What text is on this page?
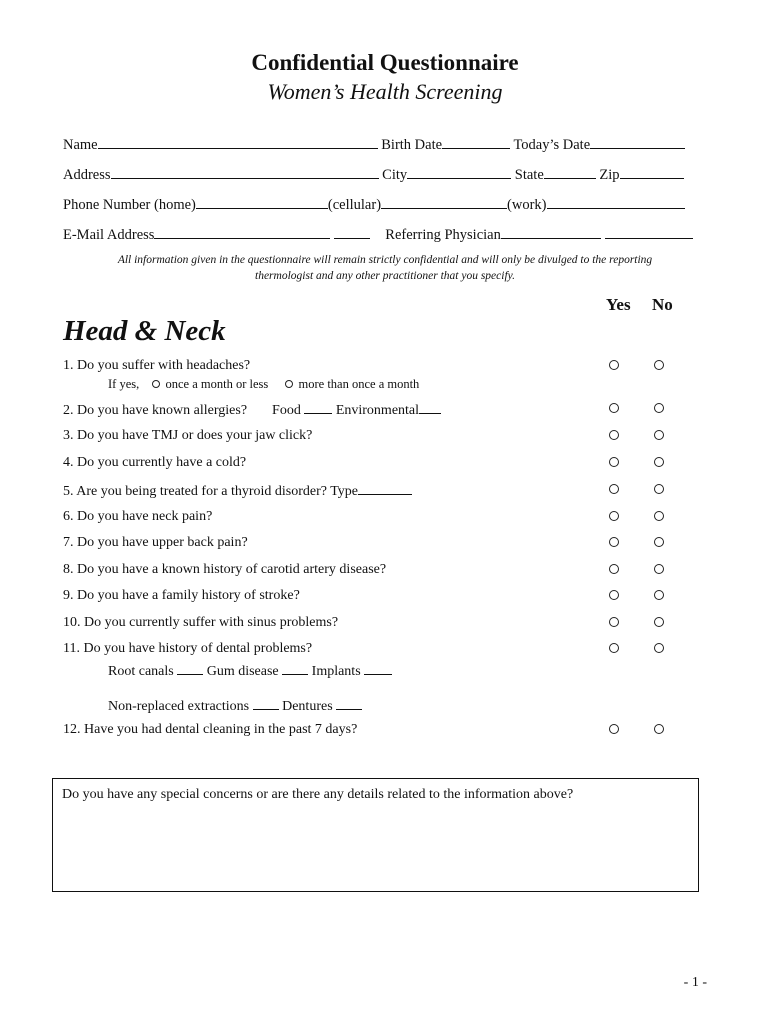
Confidential Questionnaire
Women’s Health Screening
Name	Birth Date	Today’s Date
Address	City	State	Zip
Phone Number (home)	(cellular)	(work)
E-Mail Address	Referring Physician
All information given in the questionnaire will remain strictly confidential and will only be divulged to the reporting
thermologist and any other practitioner that you specify.
Yes No
Head & Neck
1. Do you suffer with headaches?
If yes, once a month or less more than once a month
2. Do you have known allergies? Food	Environmental
3. Do you have TMJ or does your jaw click?
4. Do you currently have a cold?
5. Are you being treated for a thyroid disorder? Type
6. Do you have neck pain?
7. Do you have upper back pain?
8. Do you have a known history of carotid artery disease?
9. Do you have a family history of stroke?
10. Do you currently suffer with sinus problems?
11. Do you have history of dental problems?
Root canals Gum disease Implants
Non-replaced extractions Dentures
12. Have you had dental cleaning in the past 7 days?
Do you have any special concerns or are there any details related to the information above?
- 1 -
